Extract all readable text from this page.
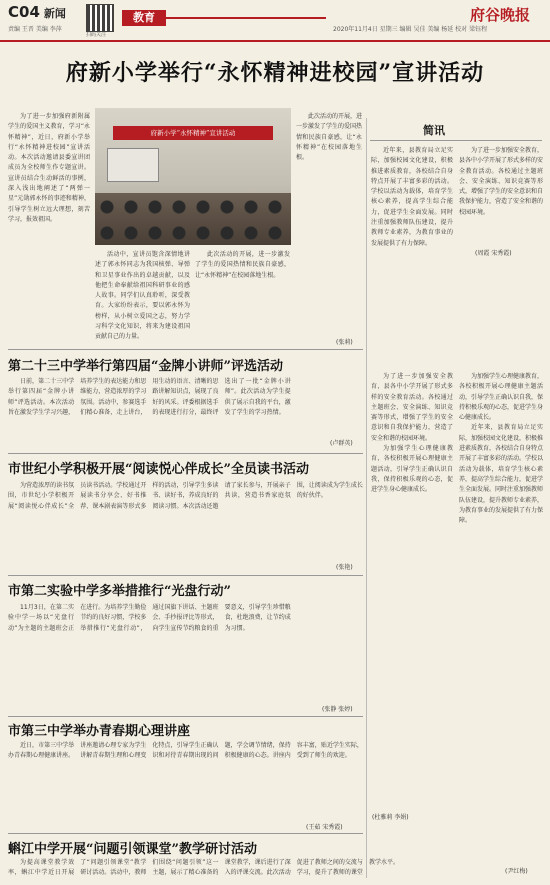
C04 新闻
责编 王晋 美编 李萍
扫码关注
教育
2020年11月4日 星期三 编辑 吴佳 美编 杨延 校对 梁钰程
府谷晚报
府新小学举行“永怀精神进校园”宣讲活动

为了进一步加强府新附属学生的爱国主义教育，学习“永怀精神”，近日，府新小学举行“永怀精神进校园”宣讲活动。本次活动邀请县委宣讲团成员为全校师生作专题宣讲。宣讲员结合生动鲜活的事例，深入浅出地阐述了“两弹一星”元勋郭永怀的事迹和精神，引导学生树立远大理想，刻苦学习，报效祖国。

府新小学“永怀精神”宣讲活动

活动中，宣讲员饱含深情地讲述了郭永怀同志为我国核弹、导弹和卫星事业作出的卓越贡献，以及他把生命奉献给祖国科研事业的感人故事。同学们认真聆听，深受教育。大家纷纷表示，要以郭永怀为榜样，从小树立爱国之志，努力学习科学文化知识，将来为建设祖国贡献自己的力量。

此次活动的开展，进一步激发了学生的爱国热情和民族自豪感，让“永怀精神”在校园落地生根。

此次活动的开展，进一步激发了学生的爱国热情和民族自豪感，让“永怀精神”在校园落地生根。

(张莉)
简讯

近年来，县教育局立足实际，加强校园文化建设，积极推进素质教育，各校结合自身特点开展了丰富多彩的活动。学校以活动为载体，培育学生核心素养，提高学生综合能力，促进学生全面发展。同时注重加强教师队伍建设，提升教师专业素养，为教育事业的发展提供了有力保障。

为了进一步加强安全教育，县各中小学开展了形式多样的安全教育活动。各校通过主题班会、安全演练、知识竞赛等形式，增强了学生的安全意识和自我保护能力，营造了安全和谐的校园环境。

(周霞 宋秀霞)

为了进一步加强安全教育，县各中小学开展了形式多样的安全教育活动。各校通过主题班会、安全演练、知识竞赛等形式，增强了学生的安全意识和自我保护能力，营造了安全和谐的校园环境。

为加强学生心理健康教育，各校积极开展心理健康主题活动，引导学生正确认识自我，保持积极乐观的心态，促进学生身心健康成长。

为加强学生心理健康教育，各校积极开展心理健康主题活动，引导学生正确认识自我，保持积极乐观的心态，促进学生身心健康成长。

近年来，县教育局立足实际，加强校园文化建设，积极推进素质教育，各校结合自身特点开展了丰富多彩的活动。学校以活动为载体，培育学生核心素养，提高学生综合能力，促进学生全面发展。同时注重加强教师队伍建设，提升教师专业素养，为教育事业的发展提供了有力保障。

(杜雅莉 李娟)
(尹红梅)
第二十三中学举行第四届“金牌小讲师”评选活动

日前，第二十三中学举行第四届“金牌小讲师”评选活动。本次活动旨在激发学生学习兴趣，培养学生的表达能力和思维能力，营造浓厚的学习氛围。活动中，参赛选手们精心准备，走上讲台，用生动的语言、清晰的思路讲解知识点，展现了良好的风采。评委根据选手的表现进行打分，最终评选出了一批“金牌小讲师”。此次活动为学生提供了展示自我的平台，激发了学生的学习热情。

(卢群英)
市世纪小学积极开展“阅读悦心伴成长”全员读书活动

为营造浓厚的读书氛围，市世纪小学积极开展“阅读悦心伴成长”全员读书活动。学校通过开展读书分享会、好书推荐、课本剧表演等形式多样的活动，引导学生多读书、读好书，养成良好的阅读习惯。本次活动还邀请了家长参与，开展亲子共读，营造书香家庭氛围，让阅读成为学生成长的好伙伴。

(张艳)
市第二实验中学多举措推行“光盘行动”

11月3日，在第二实验中学一场以“光盘行动”为主题的主题班会正在进行。为培养学生勤俭节约的良好习惯，学校多举措推行“光盘行动”，通过国旗下讲话、主题班会、手抄报评比等形式，向学生宣传节约粮食的重要意义，引导学生珍惜粮食，杜绝浪费，让节约成为习惯。

(张静 张婷)
市第三中学举办青春期心理讲座

近日，市第三中学举办青春期心理健康讲座。讲座邀请心理专家为学生讲解青春期生理和心理变化特点，引导学生正确认识和对待青春期出现的问题，学会调节情绪，保持积极健康的心态。讲座内容丰富，贴近学生实际，受到了师生的欢迎。

(王茹 宋秀霞)
蝌江中学开展“问题引领课堂”教学研讨活动

为提高课堂教学效率，蝌江中学近日开展了“问题引领课堂”教学研讨活动。活动中，教师们围绕“问题引领”这一主题，展示了精心准备的课堂教学，课后进行了深入的评课交流。此次活动促进了教师之间的交流与学习，提升了教师的课堂教学水平。
